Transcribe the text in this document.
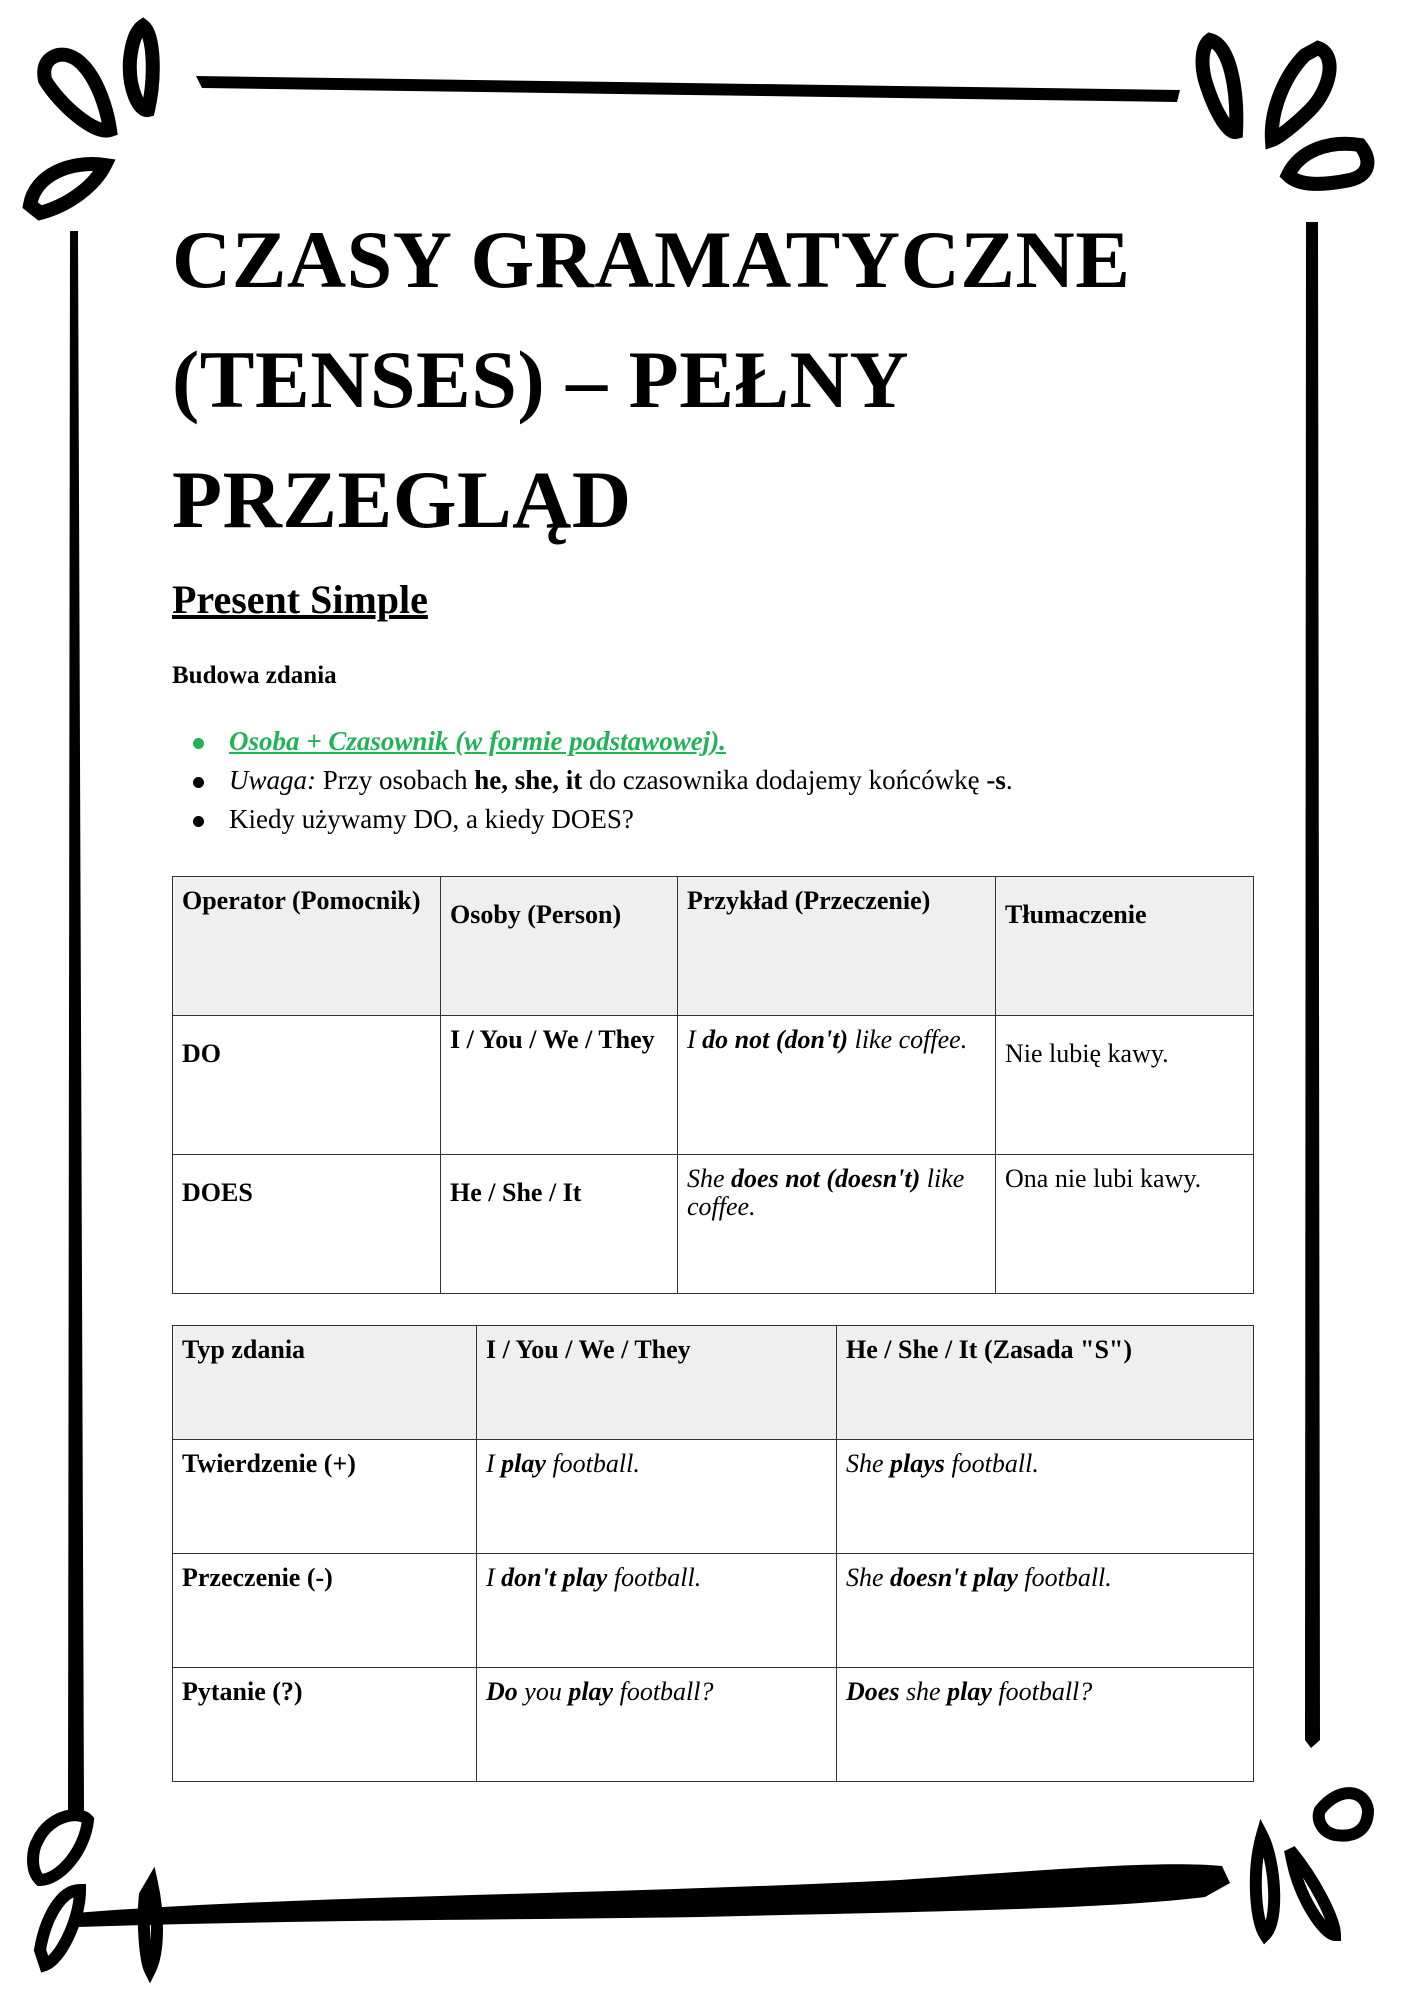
CZASY GRAMATYCZNE
(TENSES) – PEŁNY
PRZEGLĄD
Present Simple
Budowa zdania
Osoba + Czasownik (w formie podstawowej).
Uwaga: Przy osobach he, she, it do czasownika dodajemy końcówkę -s.
Kiedy używamy DO, a kiedy DOES?
Operator (Pomocnik)	Osoby (Person)	Przykład (Przeczenie)	Tłumaczenie
DO	I / You / We / They	I do not (don't) like coffee.	Nie lubię kawy.
DOES	He / She / It	She does not (doesn't) like coffee.	Ona nie lubi kawy.
Typ zdania	I / You / We / They	He / She / It (Zasada "S")
Twierdzenie (+)	I play football.	She plays football.
Przeczenie (-)	I don't play football.	She doesn't play football.
Pytanie (?)	Do you play football?	Does she play football?
